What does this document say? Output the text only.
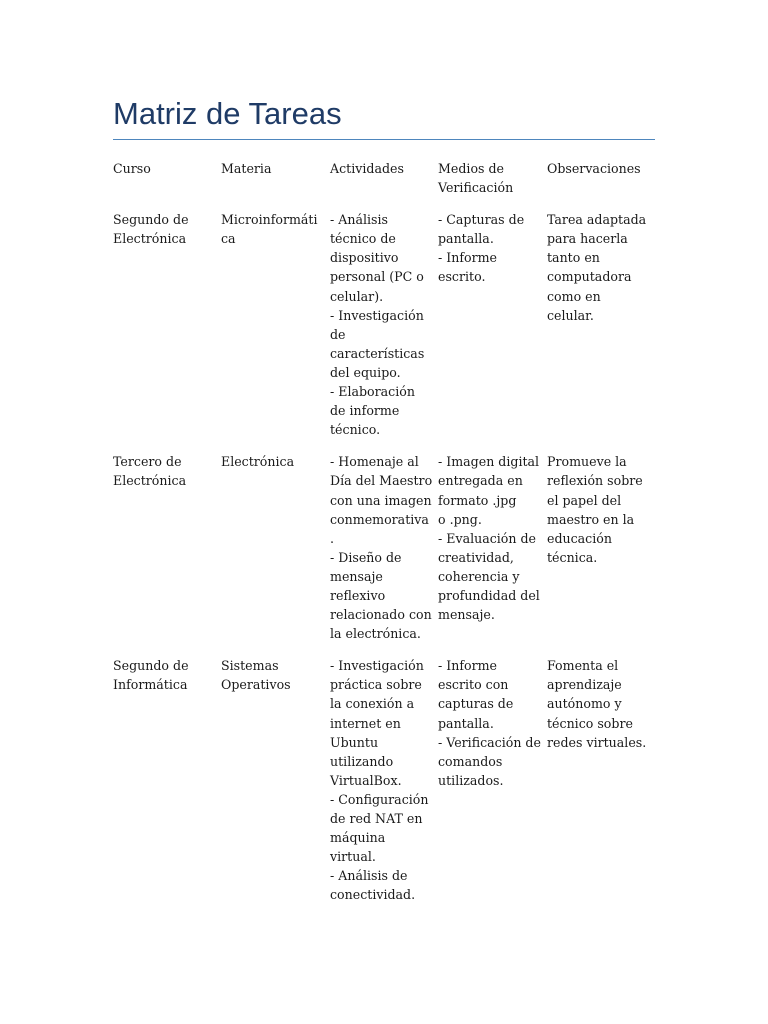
Matriz de Tareas
Curso	Materia	Actividades	Medios de Verificación	Observaciones
Segundo de Electrónica	Microinformáti
ca	- Análisis técnico de dispositivo personal (PC o celular).
- Investigación de características del equipo.
- Elaboración de informe técnico.	- Capturas de pantalla.
- Informe escrito.	Tarea adaptada para hacerla tanto en computadora como en celular.
Tercero de Electrónica	Electrónica	- Homenaje al Día del Maestro con una imagen conmemorativa
.
- Diseño de mensaje reflexivo relacionado con la electrónica.	- Imagen digital entregada en formato .jpg
o .png.
- Evaluación de creatividad, coherencia y profundidad del mensaje.	Promueve la reflexión sobre el papel del maestro en la educación técnica.
Segundo de Informática	Sistemas Operativos	- Investigación práctica sobre la conexión a internet en Ubuntu utilizando VirtualBox.
- Configuración de red NAT en máquina virtual.
- Análisis de conectividad.	- Informe escrito con capturas de pantalla.
- Verificación de comandos utilizados.	Fomenta el aprendizaje autónomo y técnico sobre redes virtuales.
